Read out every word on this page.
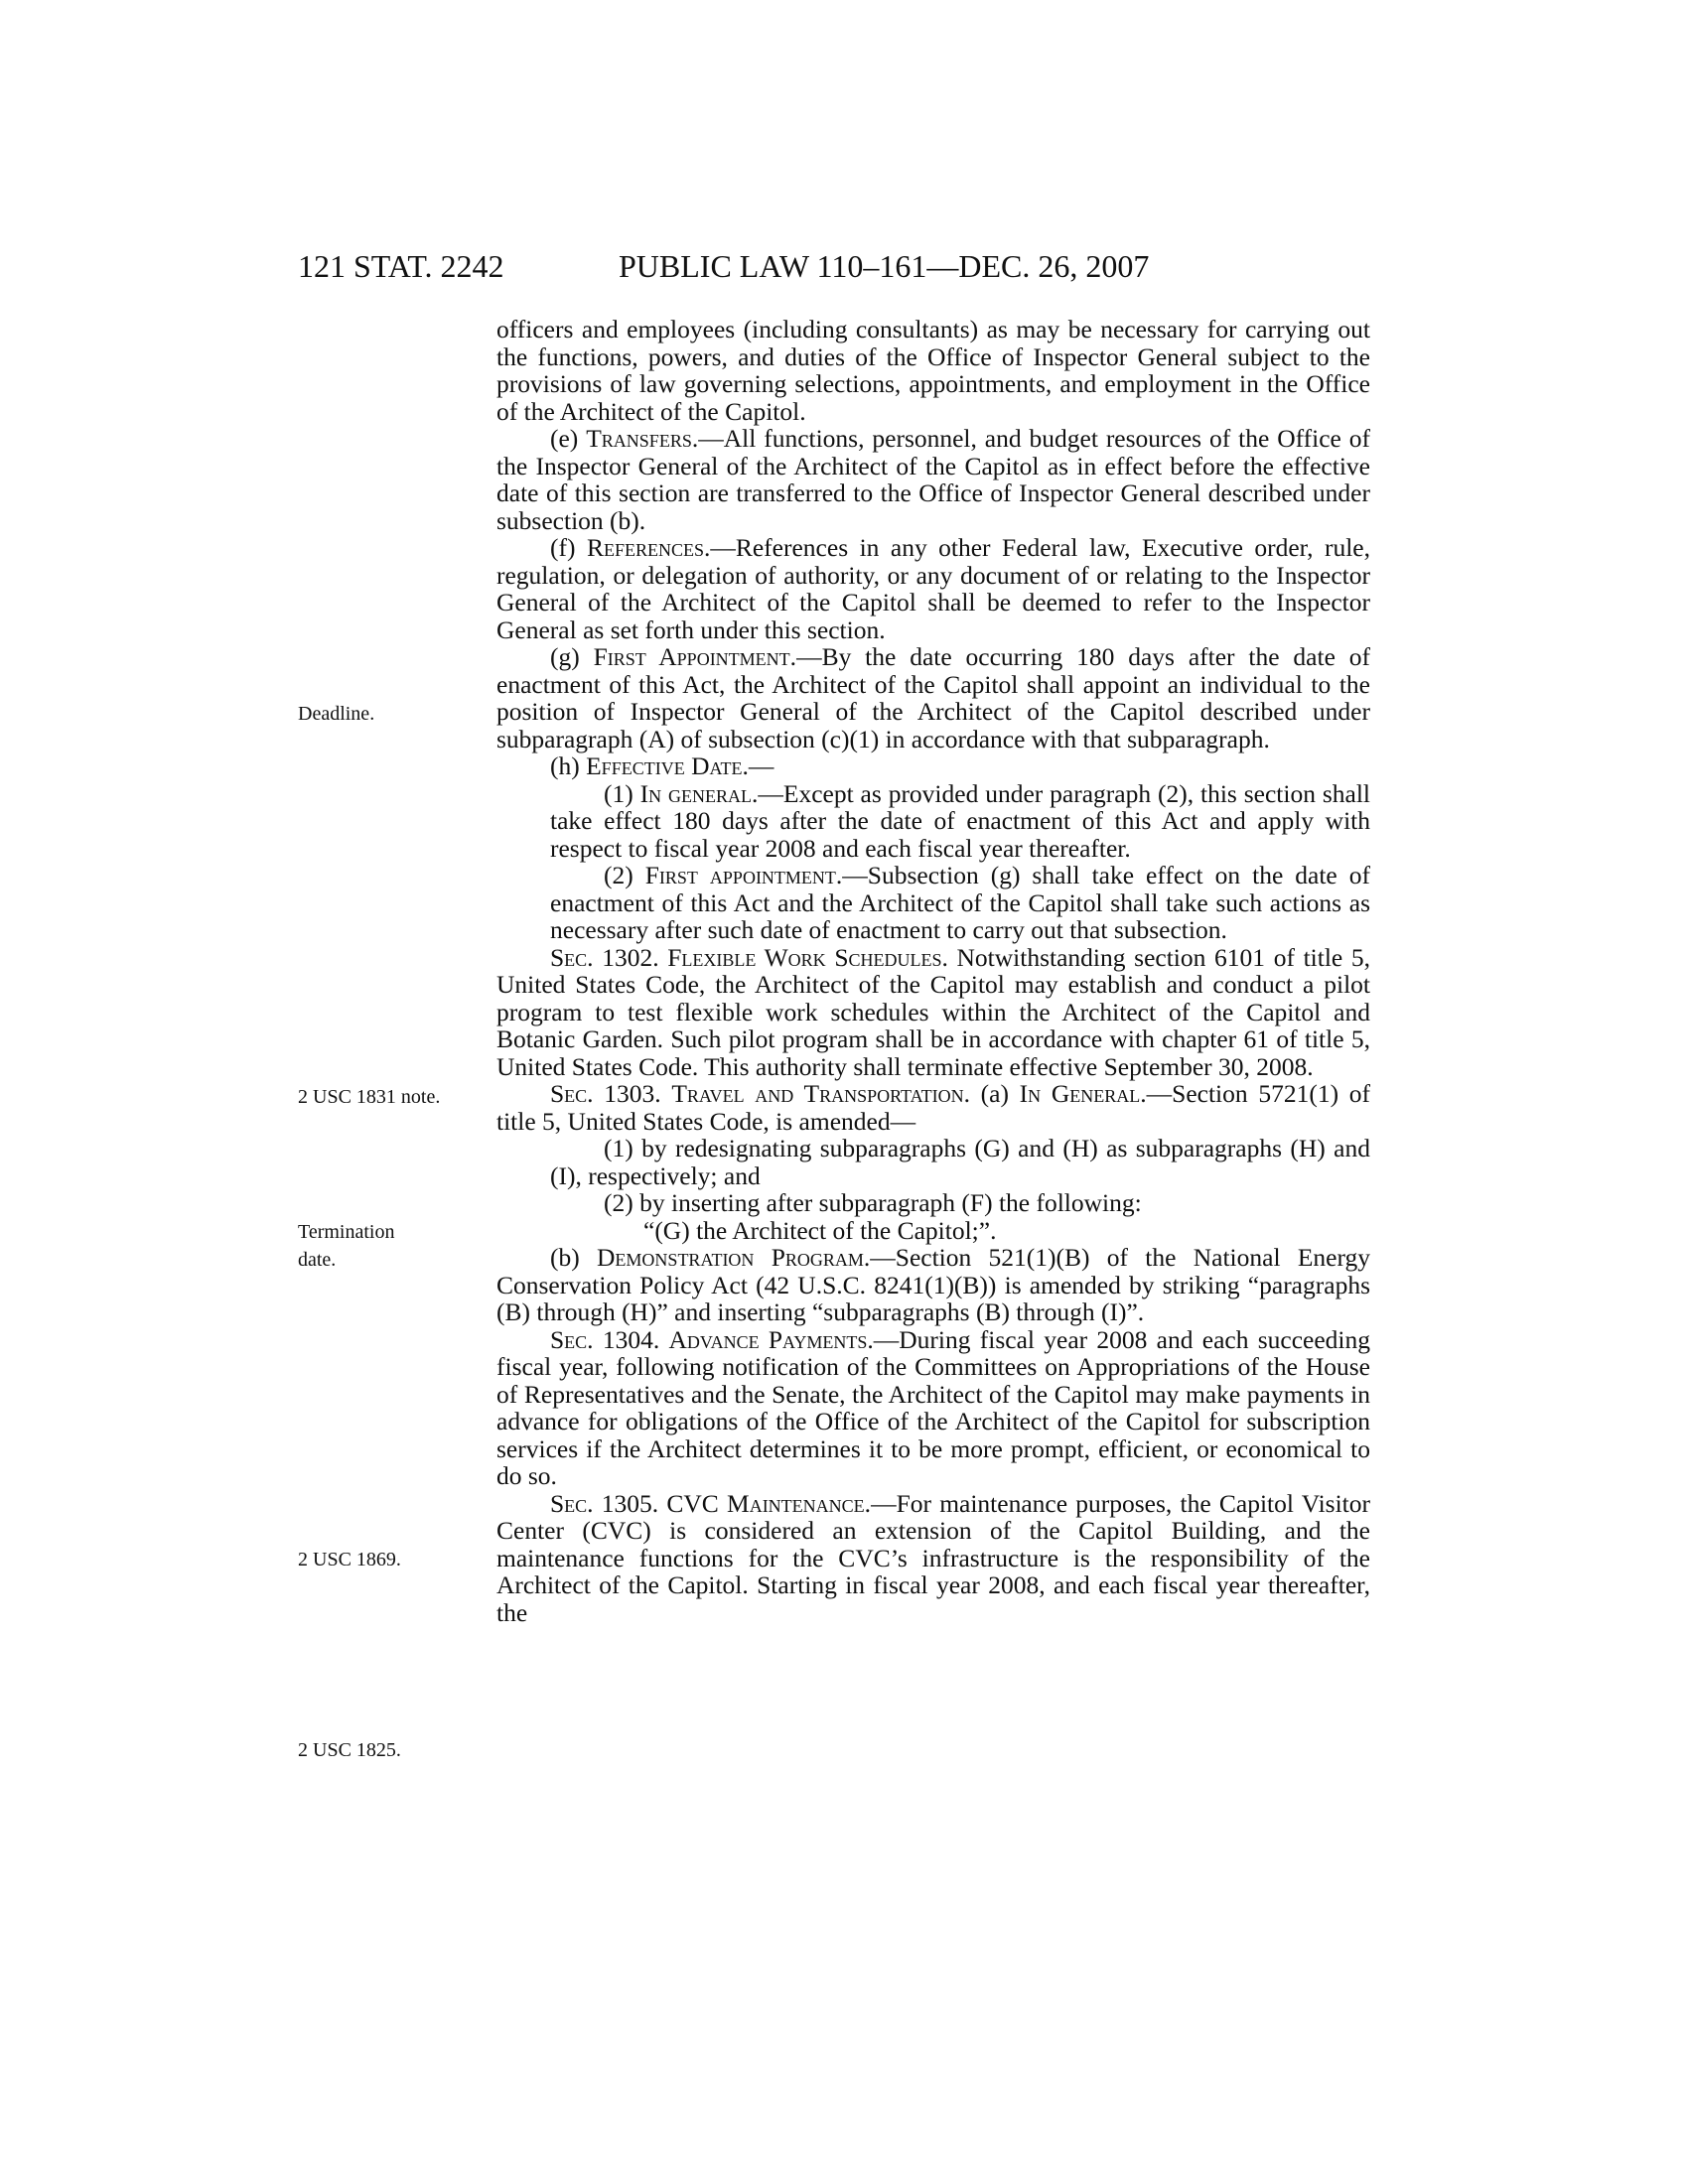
121 STAT. 2242	PUBLIC LAW 110–161—DEC. 26, 2007
Deadline.
2 USC 1831 note.
Termination date.
2 USC 1869.
2 USC 1825.

officers and employees (including consultants) as may be necessary for carrying out the functions, powers, and duties of the Office of Inspector General subject to the provisions of law governing selections, appointments, and employment in the Office of the Architect of the Capitol.

(e) Transfers.—All functions, personnel, and budget resources of the Office of the Inspector General of the Architect of the Capitol as in effect before the effective date of this section are transferred to the Office of Inspector General described under subsection (b).

(f) References.—References in any other Federal law, Executive order, rule, regulation, or delegation of authority, or any document of or relating to the Inspector General of the Architect of the Capitol shall be deemed to refer to the Inspector General as set forth under this section.

(g) First Appointment.—By the date occurring 180 days after the date of enactment of this Act, the Architect of the Capitol shall appoint an individual to the position of Inspector General of the Architect of the Capitol described under subparagraph (A) of subsection (c)(1) in accordance with that subparagraph.

(h) Effective Date.—

(1) In general.—Except as provided under paragraph (2), this section shall take effect 180 days after the date of enactment of this Act and apply with respect to fiscal year 2008 and each fiscal year thereafter.

(2) First appointment.—Subsection (g) shall take effect on the date of enactment of this Act and the Architect of the Capitol shall take such actions as necessary after such date of enactment to carry out that subsection.

Sec. 1302. Flexible Work Schedules. Notwithstanding section 6101 of title 5, United States Code, the Architect of the Capitol may establish and conduct a pilot program to test flexible work schedules within the Architect of the Capitol and Botanic Garden. Such pilot program shall be in accordance with chapter 61 of title 5, United States Code. This authority shall terminate effective September 30, 2008.

Sec. 1303. Travel and Transportation. (a) In General.—Section 5721(1) of title 5, United States Code, is amended—

(1) by redesignating subparagraphs (G) and (H) as subparagraphs (H) and (I), respectively; and

(2) by inserting after subparagraph (F) the following:

“(G) the Architect of the Capitol;”.

(b) Demonstration Program.—Section 521(1)(B) of the National Energy Conservation Policy Act (42 U.S.C. 8241(1)(B)) is amended by striking “paragraphs (B) through (H)” and inserting “subparagraphs (B) through (I)”.

Sec. 1304. Advance Payments.—During fiscal year 2008 and each succeeding fiscal year, following notification of the Committees on Appropriations of the House of Representatives and the Senate, the Architect of the Capitol may make payments in advance for obligations of the Office of the Architect of the Capitol for subscription services if the Architect determines it to be more prompt, efficient, or economical to do so.

Sec. 1305. CVC Maintenance.—For maintenance purposes, the Capitol Visitor Center (CVC) is considered an extension of the Capitol Building, and the maintenance functions for the CVC’s infrastructure is the responsibility of the Architect of the Capitol. Starting in fiscal year 2008, and each fiscal year thereafter, the
